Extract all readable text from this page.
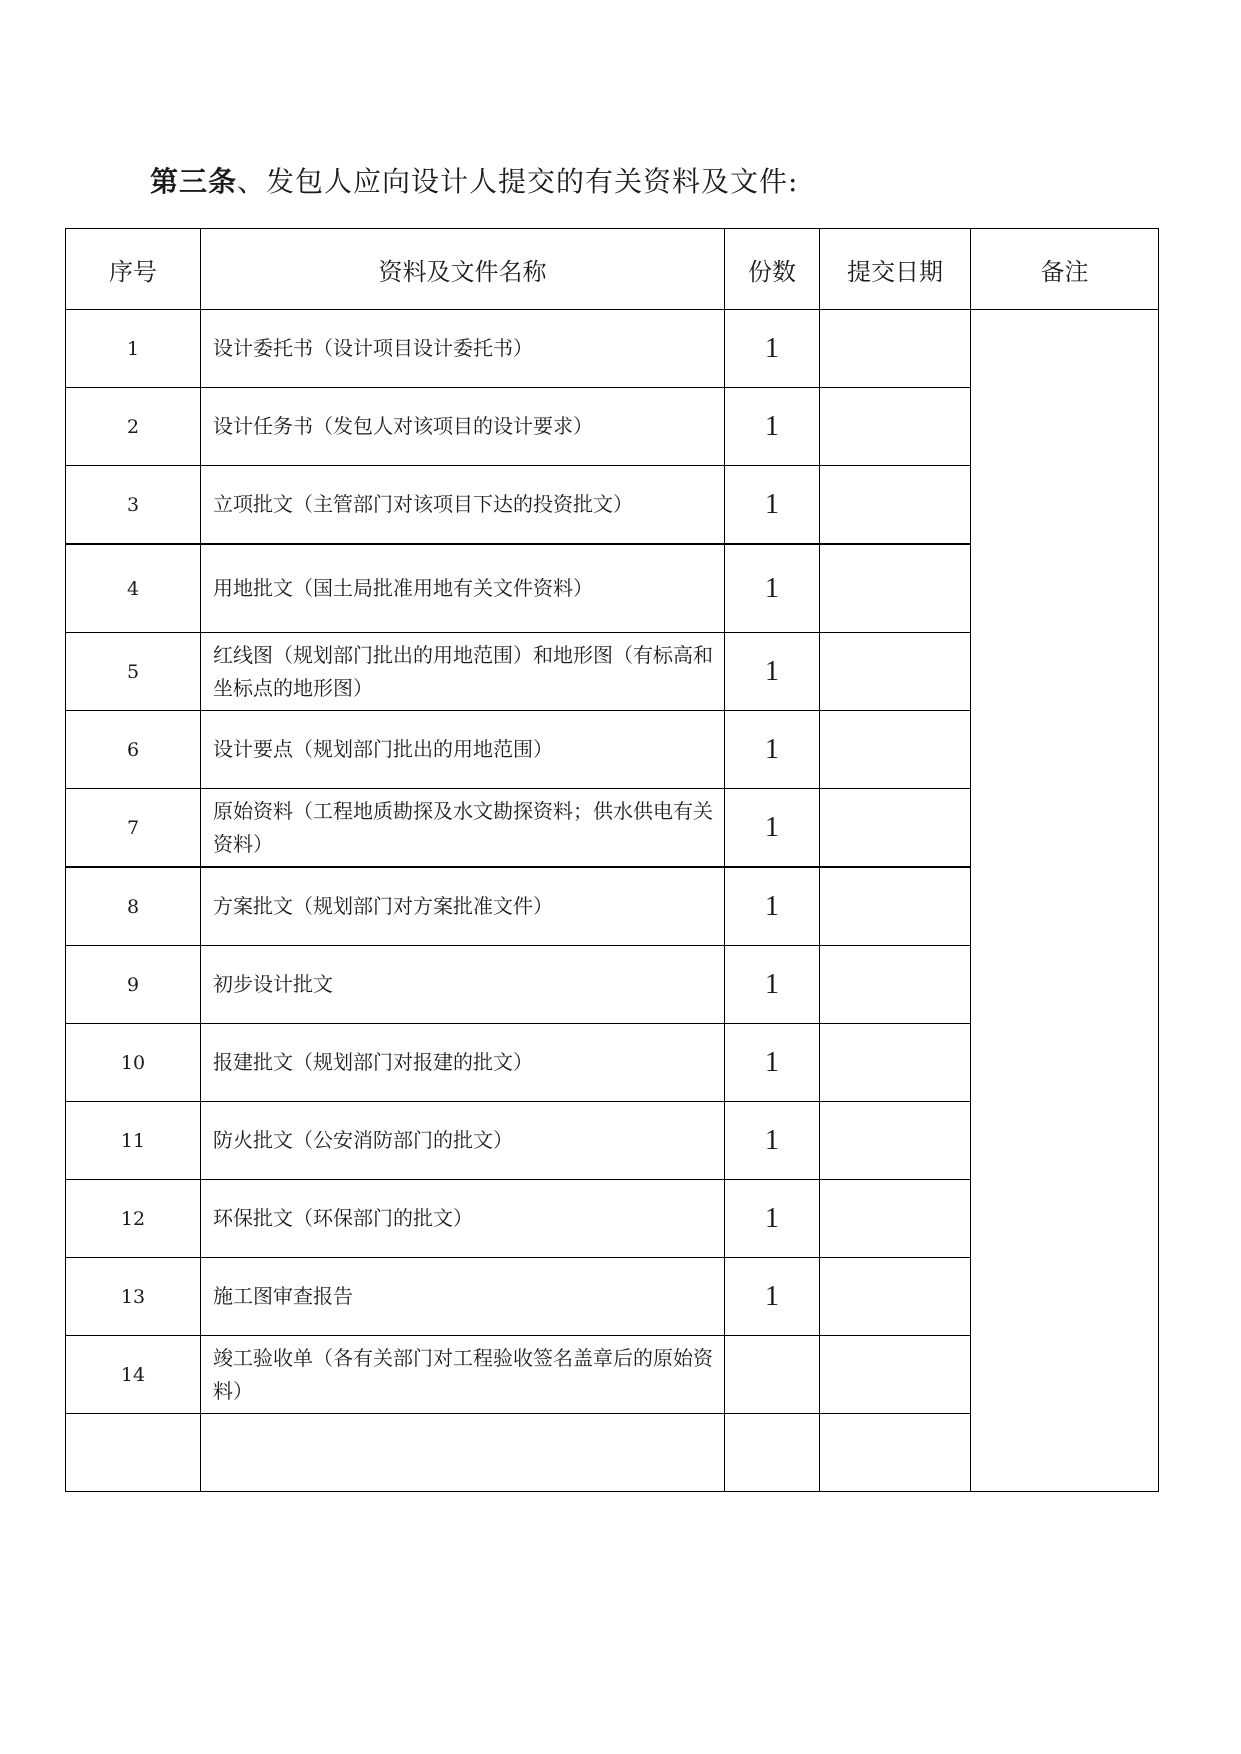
第三条、发包人应向设计人提交的有关资料及文件:
序号	资料及文件名称	份数	提交日期	备注
1	设计委托书（设计项目设计委托书）	1		
2	设计任务书（发包人对该项目的设计要求）	1		
3	立项批文（主管部门对该项目下达的投资批文）	1		
4	用地批文（国土局批准用地有关文件资料）	1		
5	红线图（规划部门批出的用地范围）和地形图（有标高和坐标点的地形图）	1		
6	设计要点（规划部门批出的用地范围）	1		
7	原始资料（工程地质勘探及水文勘探资料；供水供电有关资料）	1		
8	方案批文（规划部门对方案批准文件）	1		
9	初步设计批文	1		
10	报建批文（规划部门对报建的批文）	1		
11	防火批文（公安消防部门的批文）	1		
12	环保批文（环保部门的批文）	1		
13	施工图审查报告	1		
14	竣工验收单（各有关部门对工程验收签名盖章后的原始资料）			
